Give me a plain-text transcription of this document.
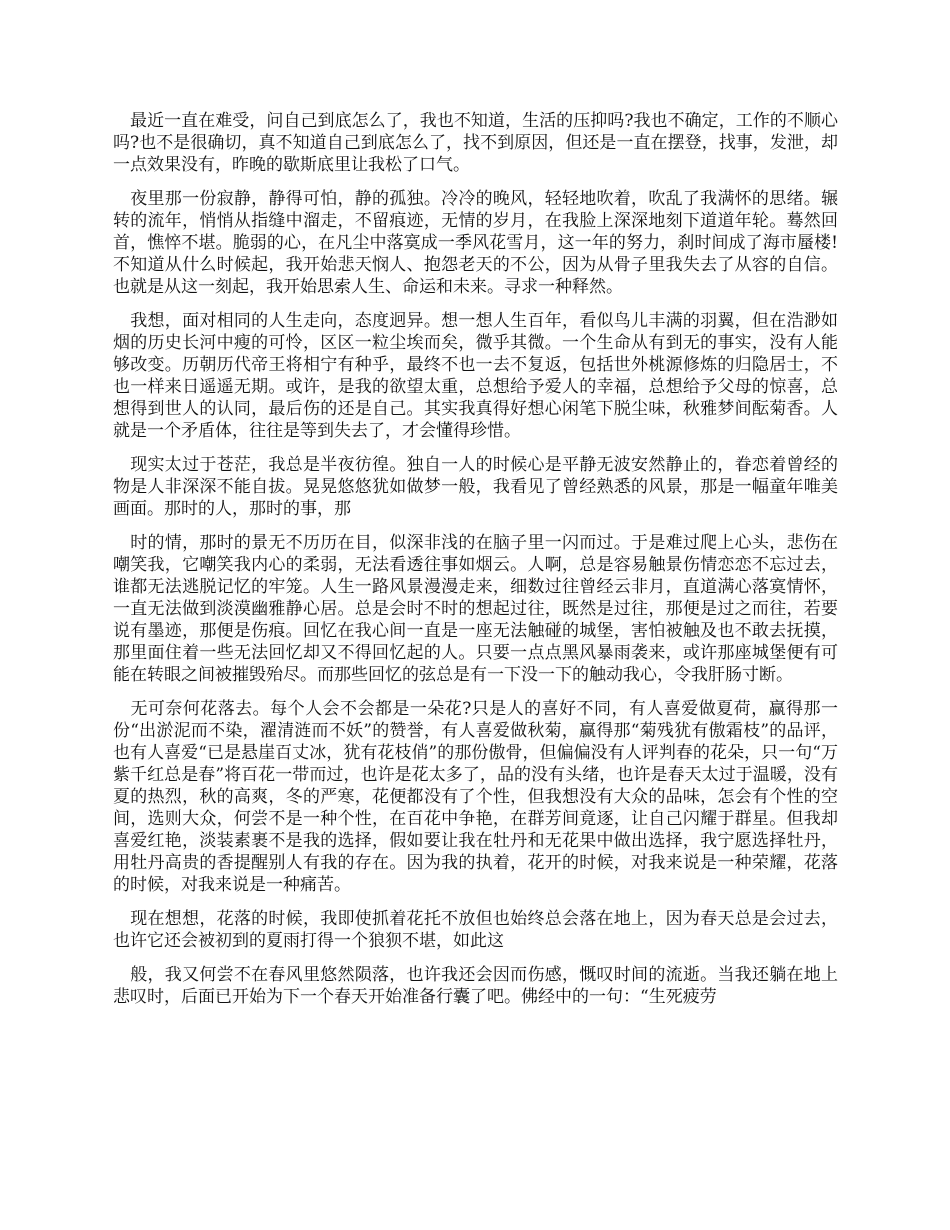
　最近一直在难受，问自己到底怎么了，我也不知道，生活的压抑吗?我也不确定，工作的不顺心吗?也不是很确切，真不知道自己到底怎么了，找不到原因，但还是一直在摆登，找事，发泄，却一点效果没有，昨晚的歇斯底里让我松了口气。

　夜里那一份寂静，静得可怕，静的孤独。冷冷的晚风，轻轻地吹着，吹乱了我满怀的思绪。辗转的流年，悄悄从指缝中溜走，不留痕迹，无情的岁月，在我脸上深深地刻下道道年轮。蓦然回首，憔悴不堪。脆弱的心，在凡尘中落寞成一季风花雪月，这一年的努力，刹时间成了海市蜃楼!不知道从什么时候起，我开始悲天悯人、抱怨老天的不公，因为从骨子里我失去了从容的自信。也就是从这一刻起，我开始思索人生、命运和未来。寻求一种释然。

　我想，面对相同的人生走向，态度迥异。想一想人生百年，看似鸟儿丰满的羽翼，但在浩渺如烟的历史长河中瘦的可怜，区区一粒尘埃而矣，微乎其微。一个生命从有到无的事实，没有人能够改变。历朝历代帝王将相宁有种乎，最终不也一去不复返，包括世外桃源修炼的归隐居士，不也一样来日遥遥无期。或许，是我的欲望太重，总想给予爱人的幸福，总想给予父母的惊喜，总想得到世人的认同，最后伤的还是自己。其实我真得好想心闲笔下脱尘味，秋雅梦间酝菊香。人就是一个矛盾体，往往是等到失去了，才会懂得珍惜。

　现实太过于苍茫，我总是半夜彷徨。独自一人的时候心是平静无波安然静止的，眷恋着曾经的物是人非深深不能自拔。晃晃悠悠犹如做梦一般，我看见了曾经熟悉的风景，那是一幅童年唯美画面。那时的人，那时的事，那

　时的情，那时的景无不历历在目，似深非浅的在脑子里一闪而过。于是难过爬上心头，悲伤在嘲笑我，它嘲笑我内心的柔弱，无法看透往事如烟云。人啊，总是容易触景伤情恋恋不忘过去，谁都无法逃脱记忆的牢笼。人生一路风景漫漫走来，细数过往曾经云非月，直道满心落寞情怀，一直无法做到淡漠幽雅静心居。总是会时不时的想起过往，既然是过往，那便是过之而往，若要说有墨迹，那便是伤痕。回忆在我心间一直是一座无法触碰的城堡，害怕被触及也不敢去抚摸，那里面住着一些无法回忆却又不得回忆起的人。只要一点点黑风暴雨袭来，或许那座城堡便有可能在转眼之间被摧毁殆尽。而那些回忆的弦总是有一下没一下的触动我心，令我肝肠寸断。

　无可奈何花落去。每个人会不会都是一朵花?只是人的喜好不同，有人喜爱做夏荷，赢得那一份“出淤泥而不染，濯清涟而不妖”的赞誉，有人喜爱做秋菊，赢得那“菊残犹有傲霜枝”的品评，也有人喜爱“已是悬崖百丈冰，犹有花枝俏”的那份傲骨，但偏偏没有人评判春的花朵，只一句“万紫千红总是春”将百花一带而过，也许是花太多了，品的没有头绪，也许是春天太过于温暖，没有夏的热烈，秋的高爽，冬的严寒，花便都没有了个性，但我想没有大众的品味，怎会有个性的空间，选则大众，何尝不是一种个性，在百花中争艳，在群芳间竟逐，让自己闪耀于群星。但我却喜爱红艳，淡装素裹不是我的选择，假如要让我在牡丹和无花果中做出选择，我宁愿选择牡丹，用牡丹高贵的香提醒别人有我的存在。因为我的执着，花开的时候，对我来说是一种荣耀，花落的时候，对我来说是一种痛苦。

　现在想想，花落的时候，我即使抓着花托不放但也始终总会落在地上，因为春天总是会过去，也许它还会被初到的夏雨打得一个狼狈不堪，如此这

　般，我又何尝不在春风里悠然陨落，也许我还会因而伤感，慨叹时间的流逝。当我还躺在地上悲叹时，后面已开始为下一个春天开始准备行囊了吧。佛经中的一句：“生死疲劳
